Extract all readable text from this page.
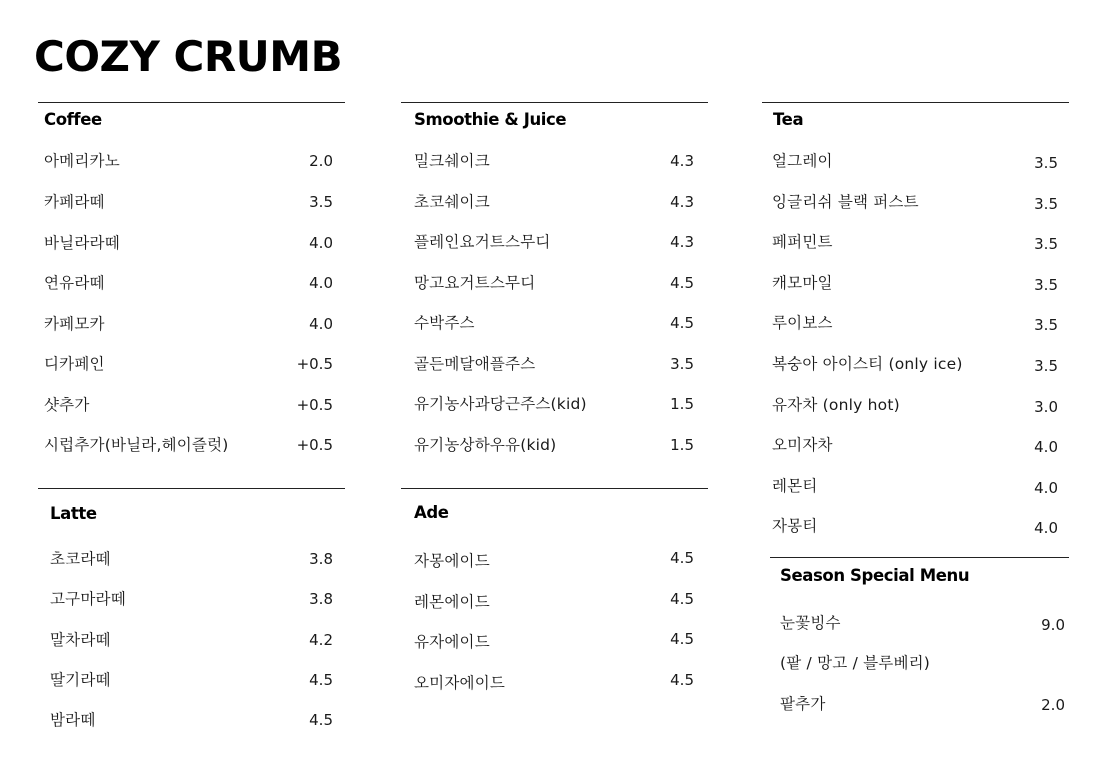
COZY CRUMB
Coffee
아메리카노	2.0
카페라떼	3.5
바닐라라떼	4.0
연유라떼	4.0
카페모카	4.0
디카페인	+0.5
샷추가	+0.5
시럽추가(바닐라,헤이즐럿)	+0.5
Latte
초코라떼	3.8
고구마라떼	3.8
말차라떼	4.2
딸기라떼	4.5
밤라떼	4.5
Smoothie & Juice
밀크쉐이크	4.3
초코쉐이크	4.3
플레인요거트스무디	4.3
망고요거트스무디	4.5
수박주스	4.5
골든메달애플주스	3.5
유기농사과당근주스(kid)	1.5
유기농상하우유(kid)	1.5
Ade
자몽에이드	4.5
레몬에이드	4.5
유자에이드	4.5
오미자에이드	4.5
Tea
얼그레이	3.5
잉글리쉬 블랙 퍼스트	3.5
페퍼민트	3.5
캐모마일	3.5
루이보스	3.5
복숭아 아이스티 (only ice)	3.5
유자차 (only hot)	3.0
오미자차	4.0
레몬티	4.0
자몽티	4.0
Season Special Menu
눈꽃빙수	9.0
(팥 / 망고 / 블루베리)
팥추가	2.0
